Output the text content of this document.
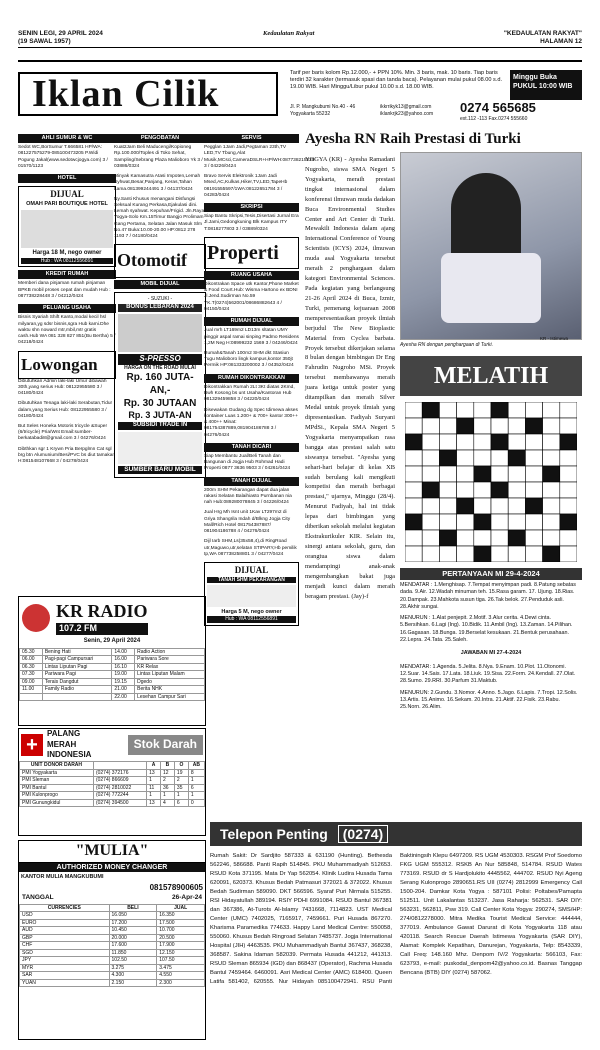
SENIN LEGI, 29 APRIL 2024
(19 SAWAL 1957)
Kedaulatan Rakyat	"KEDAULATAN RAKYAT"
HALAMAN 12
Iklan Cilik	Tarif per baris kolom Rp.12.000,- + PPN 10%. Min. 3 baris, mak. 10 baris. Tiap baris terdiri 32 karakter (termasuk spasi dan tanda baca). Pelayanan mulai pukul 08.00 s.d. 19.00 WIB. Hari Minggu/Libur pukul 10.00 s.d. 18.00 WIB.
Minggu Buka
PUKUL 10:00 WIB
Jl. P. Mangkubumi No.40 - 46 Yogyakarta 55232
ikkrrikyk13@gmail.com iklankrjk23@yahoo.com	0274 565685
ext.112 -113 Fax.0274 555660
AHLI SUMUR & WC
Sedot WC,BorSumur T.666581 HP/WA: 081227575279-085100473205 P.Widi Pogung Jakal(www.sedotwcjogya.com) 3 / 01570/1123
HOTEL
DIJUAL
OMAH PARI BOUTIQUE HOTEL
Harga 18 M, nego owner
Hub : WA 08112556891
KREDIT RUMAH
Memberi dana pinjaman rumah pinjaman BPKB mobil proses cepat dan mudah Hub : 087738228448 3 / 04212/0424
PELUANG USAHA
Bisnis Syariah Shift Kanto,modal kecil hsl milyaran,yg sdsr bisnis,sgra Hub kami.Dhe waktu shn noward mtr,mbil,mtr gratis cash.Hub WA 081 328 827 851(Bu Bertha) 5 / 04218/0424
Lowongan
Dibutuhkan Admin laki-laki Umur dibawah 30th,yang serius Hub: 08122955580 3 / 04180/0424
Dibutuhkan Tenaga laki-laki Serabutan,Tidur dalam,yang Serius Hub: 08122955580 3 / 04180/0424
But Seles Honeka Motoris tricycle &Super (6/tricycle) Pria/Wnt Email:sumber-berkatabadi8@gmail.com 3 / 04276/0424
Dibthkan sgr 1 Krywn Pria Berpglmn Cat sgl brg btn Alumunium/Besi/PVC bs diut tamakan H:081548107668 3 / 04278/0424
PENGOBATAN
Kuat2Jam Beli Maducengi/Kopioneg Rp.100.000/Toples di Toko Sehat, Sampling/Sebrang Plaza Malioboro Yk 3 / 03886/0324
Minyak Kamasutra Atasi Impoten,Lemah Syhwat,Besar,Panjang, Keras,Tahan Lama.081399244491 3 / 04137/0424
Ny.Santi Khusus menangani Disfungsi Seksual Kurang Perkasa,Ejakulasi dini. Lemah syahwat. Kepuhan/Frigid. Jln.Raya Yogya-Solo Km.15Timur Bangjo Prolimam Gang Pertama, Selatan Jalan Masuk Slm No.47 Buka:10.00-20.00 HP:0812 278 1193 7 / 04180/0424
Otomotif
MOBIL DIJUAL
- SUZUKI -
BONUS LEBARAN 2024
S-PRESSO
HARGA ON THE ROAD MULAI
Rp. 160 JUTA-AN,-
Rp. 30 JUTAAN
Rp. 3 JUTA-AN
SUBSIDI TRADE IN
SUMBER BARU MOBIL
SERVIS
Pegglan 1Jam Jadi,Pegtaman 23th,TV LED,TV Tbung,Alat Musik,MCsci,CameraDSLR+HP/WH:087738215225 3 / 04226/0424
Bravo Servis Elektronik 1Jam Jadi Msed,AC,Kulkas,Hiker,TV,LED,TapeHb 08191555597/1WA:08122651784 3 / 04283/0424
SKRIPSI
Siap Bantu Skripsi,Tesis,Disertasi Jurnal Era Jl.Jami,Gedongkuning Blk Kampus ITY T:0818277803 3 / 03889/0324
Properti
RUANG USAHA
Dikontrakan Space utk Kantor,Phone Market & Food Court.Hub: Wisma Hartono ex BDNI Jl.Jend.Sudirman No.59 YK.T(0274)562001/08686882643 4 / 04150/0424
RUMAH DIJUAL
Jual mrh LT169m2 LD13m sltatan UMY pinggir aspal ramai sinping Padmo Residens 1,2M Neg H:08999232 1569 3 / 04246/0424
Rumah&Tanah 100m2 SHM dkt Stasiun Tugu Malioboro lingk kampus,kontor 350jt Permik HP:081333200002 3 / 04352/0424
RUMAH DIKONTRAKKAN
Dikontrakkan Rumah 2Lt 3Kt diatas 2Kmd, Bwh Kosong bs unt Usaha/Kantoran Hub 081329459858 3 / 04220/0424
Disewakan Gudang dg Spec tdimewa akses kontainer Luas 1.200+ & 700+ kantor 300++ & 400++ Minat: 081754387889,081904186788 3 / 04276/0424
TANAH DICARI
Siap Membantu Jual/Beli Tanah dan Bangunan di Jogja Hub Rohmad Hadi Properti 0877 3636 9503 3 / 04261/0424
TANAH DIJUAL
200m SHM Pekarangan dapat dua jalan rakasi Selatan Balaihiasto Purnbanan nia nah Hub:089280078845 3 / 04226/0424
Jual Hrg Mh Isnt unit 1Kav LT297m2 di Griya Shangrila Indah d/Blkng Jogja City Mall/Rich Hotel 081754387887/ 081904186788 4 / 04276/0424
Dijl Iarb SHM,Ls(35x58,4),di RingRoad utr,Maguwo,utr,selatan STIPARY,Hb pemilik tp,WA 087738258801 3 / 04277/0424
DIJUAL
TANAH SHM PEKARANGAN
Harga 5 M, nego owner
Hub : WA 08112556891
KR RADIO
107.2 FM
Senin, 29 April 2024
05.30	Bening Hati	14.00	Radio Action
06.00	Pagi-pagi Campursari	16.00	Pariwara Sore
06.30	Lintas Liputan Pagi	16.10	KR Relax
07.30	Pariwara Pagi	19.00	Lintas Liputan Malam
09.00	Terais Dangdut	19.15	Dgedo
11.00	Family Radio	21.00	Berita NHK
		22.00	Lesehan Campur Sari
+
PALANG MERAH INDONESIA
Stok Darah
UNIT DONOR DARAH		A	B	O	AB
PMI Yogyakarta	(0274) 372176	13	12	19	8
PMI Sleman	(0274) 866609	1	2	2	1
PMI Bantul	(0274) 2810022	11	36	35	6
PMI Kulonprogo	(0274) 772244	1	1	1	1
PMI Gunungkidul	(0274) 394500	13	4	6	0
"MULIA"
AUTHORIZED MONEY CHANGER
KANTOR MULIA MANGKUBUMI
081578900605
TANGGAL	26-Apr-24
CURRENCIES	BELI	JUAL
USD	16.050	16.350
EURO	17.200	17.500
AUD	10.450	10.700
GBP	20.000	20.500
CHF	17.600	17.900
SGD	11.850	12.150
JPY	102.50	107.50
MYR	3.275	3.475
SAR	4.300	4.550
YUAN	2.150	2.300
Ayesha RN Raih Prestasi di Turki
YOGYA (KR) - Ayesha Ramadani Nugroho, siswa SMA Negeri 5 Yogyakarta, meraih prestasi tingkat internasional dalam konferensi ilmuwan muda dadakan Buca Environmental Studies Center and Art Center di Turki. Mewakili Indonesia dalam ajang International Conference of Young Scientists (ICYS) 2024, ilmuwan muda asal Yogyakarta tersebut meraih 2 penghargaan dalam kategori Environmental Sciences. Pada kegiatan yang berlangsung 21-26 April 2024 di Buca, Izmir, Turki, pemenang kejuaraan 2008 memperesentasikan proyek ilmiah berjudul The New Bioplastic Material from Cyclea barbata. Proyek tersebut dikerjakan selama 8 bulan dengan bimbingan Dr Eng Fahrudin Nugroho MSi. Proyek tersebut membawanya meraih juara ketiga untuk poster yang ditampilkan dan meraih Silver Medal untuk proyek ilmiah yang dipresentasikan. Fadiyah Suryani MPdSi., Kepala SMA Negeri 5 Yogyakarta menyampaikan rasa bangga atas prestasi salah satu siswanya tersebut. "Ayesha yang sehari-hari belajar di kelas XB sudah berulang kali mengikuti kompetisi dan meraih berbagai prestasi," ujarnya, Minggu (28/4). Menurut Fadiyah, hal ini tidak lepas dari bimbingan yang diberikan sekolah melalui kegiatan Ekstrakurikuler KIR. Selain itu, sinergi antara sekolah, guru, dan orangtua siswa dalam mendampingi anak-anak mengembangkan bakat juga menjadi kunci dalam meraih beragam prestasi. (Jay)-f
Ayesha RN dengan penghargaan di Turki.
KR - Istimewa
MELATIH
PERTANYAAN MI 29-4-2024

MENDATAR : 1.Menghisap. 7.Tempat menyimpan padi. 8.Patung sebatas dada. 9.Air. 12.Wadah minuman teh. 15.Rasa garam. 17. Ujung. 18.Rias. 20.Dampak. 23.Mahkota susun tiga. 26.Tak belok. 27.Penduduk asli. 28.Akhir sungai.

MENURUN : 1.Alat penjepit. 2.Motif. 3.Alur cerita. 4.Dewi cinta. 5.Bersihkan. 6.Lagi (Ing). 10.Bidik. 11.Ambil (Ing). 13.Zaman. 14.Pilihan. 16.Gagasan. 18.Bunga. 19.Berselat kesukaan. 21.Bentuk perusahaan. 22.Lepra. 24.Tata. 25.Saleh.

JAWABAN MI 27-4-2024

MENDATAR: 1.Agenda. 5.Jelita. 8.Nya. 9.Enam. 10.Plot. 11.Otonomi. 12.Suar. 14.Sais. 17.Lata. 18.Liuk. 19.Sisa. 22.Form. 24.Kendall. 27.Olat. 28.Sumo. 29.RRI. 30.Parfum 31.Maktub.

MENURUN: 2.Gundu. 3.Nomor. 4.Anno. 5.Jago. 6.Lapis. 7.Tropi. 12.Solis. 13.Artis. 15.Animo. 16.Sekam. 20.Intra. 21.Aktif. 22.Fisik. 23.Rabu. 25.Norn. 26.Alim.

Telepon Penting (0274)
Rumah Sakit: Dr Sardjito 587333 & 631190 (Hunting). Bethesda 562246, 586688. Panti Rapih 514845. PKU Muhammadiyah 512653. RSUD Kota 371195. Mata Dr Yap 562054. Klinik Ludira Husada Tama 620091, 620373. Khusus Bedah Patmasuri 372021 & 372022. Khusus Bedah Sudirman 589090. DKT 566596. Syaraf Puri Nirmala 515255. RSI Hidayatullah 389194. RSIY PDHI 6991084. RSUD Bantul 367381 dan 367386, At-Turots Al-Islamy 7431668, 7114823. UST Medical Center (UMC) 7402025, 7165917, 7459661. Puri Husada 867270. Kharisma Paramedika 774633. Happy Land Medical Centre: 550058, 550060. Khusus Bedah Ringroad Selatan 7485737. Jogja International Hospital (JIH) 4463535. PKU Muhammadiyah Bantul 367437, 368238, 368587. Sakina Idaman 582039. Permata Husada 441212, 441313. RSUD Sleman 865934 (IGD) dan 868437 (Operator), Rachma Husada Bantul 7459464. 6460091. Asri Medical Center (AMC) 618400. Queen Latifa 581402, 620555. Nur Hidayah 085100472941. RSU Panti Baktiningsih Klepu 6497209. RS UGM 4530303. RSGM Prof Soedomo FKG UGM 555312. RSKB An Nur 585848, 514784. RSUD Wates 773169. RSUD dr S Hardjolukito 4445562, 444702. RSUD Nyi Ageng Serang Kulonprogo 2890651.RS UII (0274) 2812999 Emergency Call 1500-204. Damkar Kota Yogya : 587101 Polisi: Poltabes/Pamapta 512511. Unit Lakalantas 513237. Jasa Raharja: 562531. SAR DIY: 563231, 562811, Psw 319. Call Center Kota Yogya: 290274, SMS/HP: 274/0812278000. Mitra Medika Tourist Medical Service: 444444, 377019. Ambulance Gawat Darurat di Kota Yogyakarta 118 atau 420118. Search Rescue Daerah Istimewa Yogyakarta (SAR DIY), Alamat: Komplek Kepatihan, Danurejan, Yogyakarta, Telp: 8543339, Call Freq: 148.160 Mhz. Denpom IV/2 Yogyakarta: 566103, Fax: 623793, e-mail: puskodal_denpom42@yahoo.co.id. Basnas Tanggap Bencana (BTB) DIY (0274) 587062.
